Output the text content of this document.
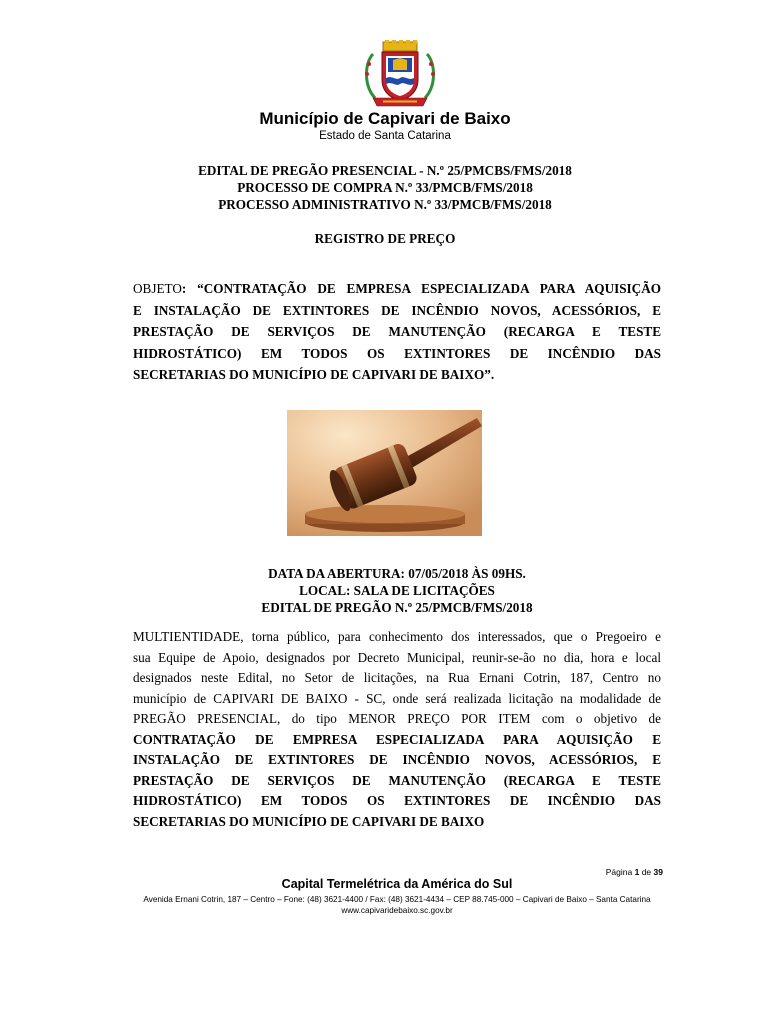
Município de Capivari de Baixo
Estado de Santa Catarina
EDITAL DE PREGÃO PRESENCIAL - N.º 25/PMCBS/FMS/2018
PROCESSO DE COMPRA N.º 33/PMCB/FMS/2018
PROCESSO ADMINISTRATIVO N.º 33/PMCB/FMS/2018
REGISTRO DE PREÇO
OBJETO: “CONTRATAÇÃO DE EMPRESA ESPECIALIZADA PARA AQUISIÇÃO
E INSTALAÇÃO DE EXTINTORES DE INCÊNDIO NOVOS, ACESSÓRIOS, E
PRESTAÇÃO DE SERVIÇOS DE MANUTENÇÃO (RECARGA E TESTE
HIDROSTÁTICO) EM TODOS OS EXTINTORES DE INCÊNDIO DAS
SECRETARIAS DO MUNICÍPIO DE CAPIVARI DE BAIXO”.
DATA DA ABERTURA: 07/05/2018 ÀS 09HS.
LOCAL: SALA DE LICITAÇÕES
EDITAL DE PREGÃO N.º 25/PMCB/FMS/2018
MULTIENTIDADE, torna público, para conhecimento dos interessados, que o Pregoeiro e
sua Equipe de Apoio, designados por Decreto Municipal, reunir-se-ão no dia, hora e local
designados neste Edital, no Setor de licitações, na Rua Ernani Cotrin, 187, Centro no
município de CAPIVARI DE BAIXO - SC, onde será realizada licitação na modalidade de
PREGÃO PRESENCIAL, do tipo MENOR PREÇO POR ITEM com o objetivo de
CONTRATAÇÃO DE EMPRESA ESPECIALIZADA PARA AQUISIÇÃO E
INSTALAÇÃO DE EXTINTORES DE INCÊNDIO NOVOS, ACESSÓRIOS, E
PRESTAÇÃO DE SERVIÇOS DE MANUTENÇÃO (RECARGA E TESTE
HIDROSTÁTICO) EM TODOS OS EXTINTORES DE INCÊNDIO DAS
SECRETARIAS DO MUNICÍPIO DE CAPIVARI DE BAIXO
Página 1 de 39
Capital Termelétrica da América do Sul
Avenida Ernani Cotrin, 187 – Centro – Fone: (48) 3621-4400 / Fax: (48) 3621-4434 – CEP 88.745-000 – Capivari de Baixo – Santa Catarina
www.capivaridebaixo.sc.gov.br
